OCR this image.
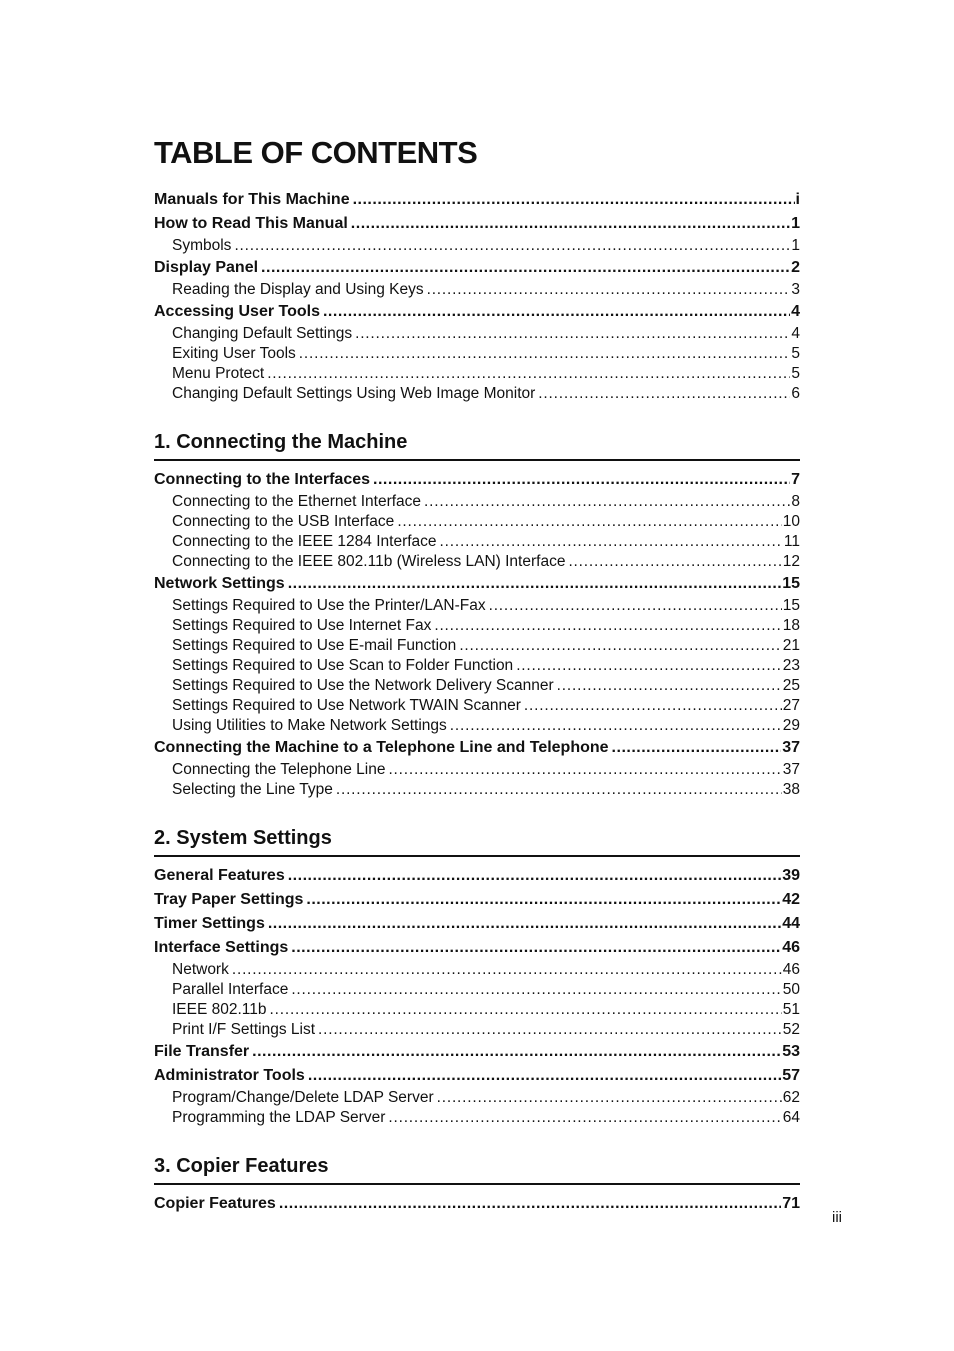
TABLE OF CONTENTS
Manuals for This Machine .....	i
How to Read This Manual .....	1
Symbols .....	1
Display Panel .....	2
Reading the Display and Using Keys .....	3
Accessing User Tools .....	4
Changing Default Settings .....	4
Exiting User Tools .....	5
Menu Protect .....	5
Changing Default Settings Using Web Image Monitor .....	6
1. Connecting the Machine
Connecting to the Interfaces .....	7
Connecting to the Ethernet Interface .....	8
Connecting to the USB Interface .....	10
Connecting to the IEEE 1284 Interface .....	11
Connecting to the IEEE 802.11b (Wireless LAN) Interface .....	12
Network Settings .....	15
Settings Required to Use the Printer/LAN-Fax .....	15
Settings Required to Use Internet Fax .....	18
Settings Required to Use E-mail Function .....	21
Settings Required to Use Scan to Folder Function .....	23
Settings Required to Use the Network Delivery Scanner .....	25
Settings Required to Use Network TWAIN Scanner .....	27
Using Utilities to Make Network Settings .....	29
Connecting the Machine to a Telephone Line and Telephone .....	37
Connecting the Telephone Line .....	37
Selecting the Line Type .....	38
2. System Settings
General Features .....	39
Tray Paper Settings .....	42
Timer Settings .....	44
Interface Settings .....	46
Network .....	46
Parallel Interface .....	50
IEEE 802.11b .....	51
Print I/F Settings List .....	52
File Transfer .....	53
Administrator Tools .....	57
Program/Change/Delete LDAP Server .....	62
Programming the LDAP Server .....	64
3. Copier Features
Copier Features .....	71
iii
